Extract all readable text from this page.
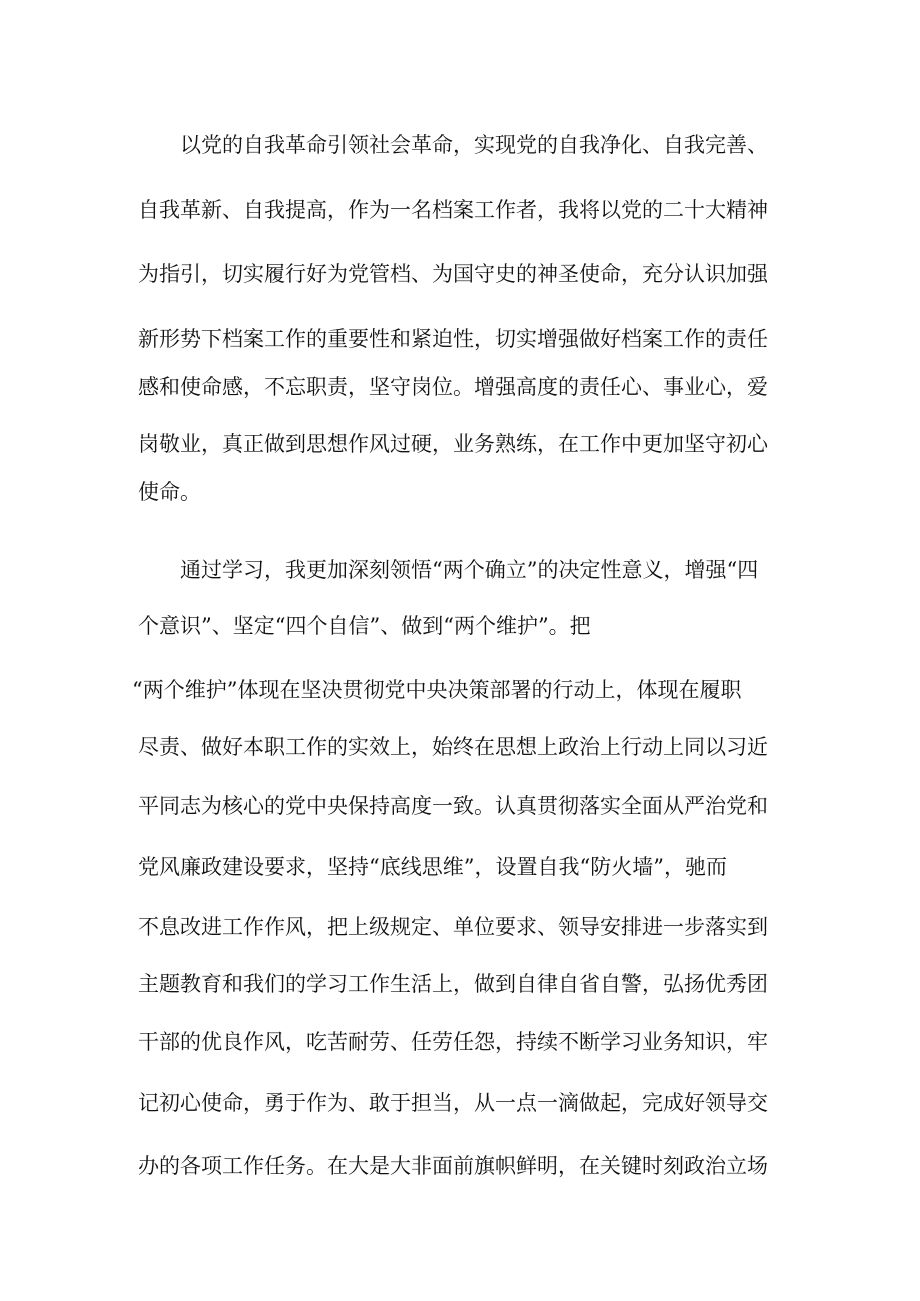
以党的自我革命引领社会革命，实现党的自我净化、自我完善、
自我革新、自我提高，作为一名档案工作者，我将以党的二十大精神
为指引，切实履行好为党管档、为国守史的神圣使命，充分认识加强
新形势下档案工作的重要性和紧迫性，切实增强做好档案工作的责任
感和使命感，不忘职责，坚守岗位。增强高度的责任心、事业心，爱
岗敬业，真正做到思想作风过硬，业务熟练，在工作中更加坚守初心
使命。
通过学习，我更加深刻领悟“两个确立”的决定性意义，增强“四
个意识”、坚定“四个自信”、做到“两个维护”。把
“两个维护”体现在坚决贯彻党中央决策部署的行动上，体现在履职
尽责、做好本职工作的实效上，始终在思想上政治上行动上同以习近
平同志为核心的党中央保持高度一致。认真贯彻落实全面从严治党和
党风廉政建设要求，坚持“底线思维”，设置自我“防火墙”，驰而
不息改进工作作风，把上级规定、单位要求、领导安排进一步落实到
主题教育和我们的学习工作生活上，做到自律自省自警，弘扬优秀团
干部的优良作风，吃苦耐劳、任劳任怨，持续不断学习业务知识，牢
记初心使命，勇于作为、敢于担当，从一点一滴做起，完成好领导交
办的各项工作任务。在大是大非面前旗帜鲜明，在关键时刻政治立场
